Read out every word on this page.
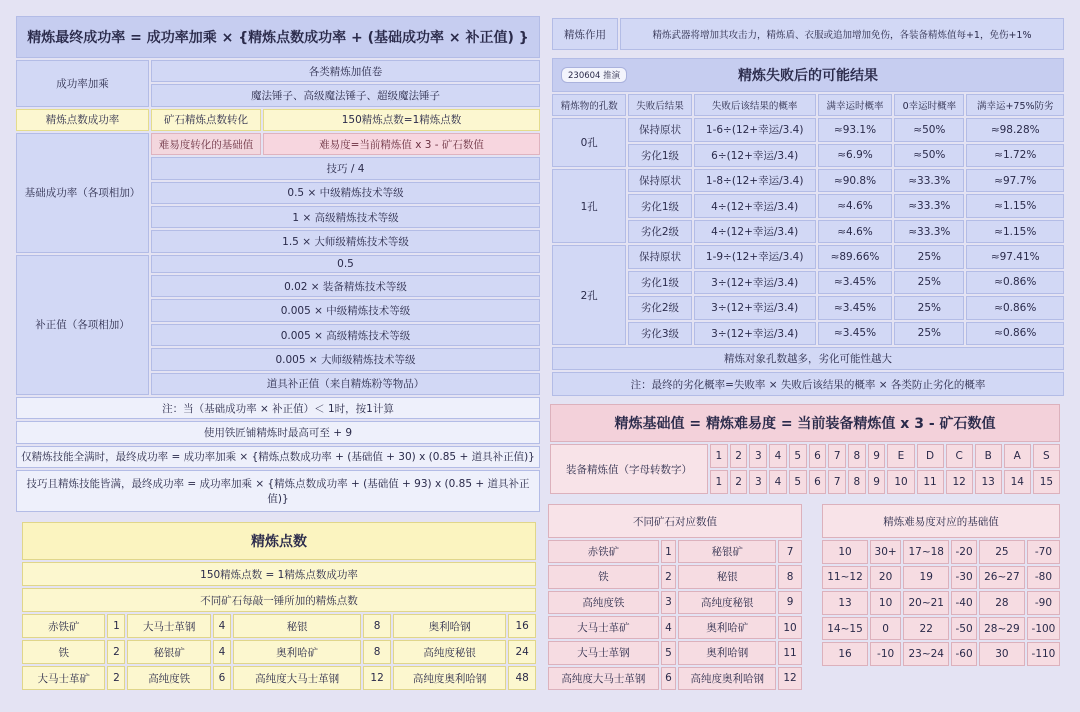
精炼最终成功率 = 成功率加乘 × {精炼点数成功率 + (基础成功率 × 补正值) }		
成功率加乘	各类精炼加值卷	
	魔法锤子、高级魔法锤子、超级魔法锤子	
精炼点数成功率	矿石精炼点数转化	150精炼点数=1精炼点数
基础成功率（各项相加）	难易度转化的基础值	难易度=当前精炼值 x 3 - 矿石数值
	技巧 / 4	
	0.5 × 中级精炼技术等级	
	1 × 高级精炼技术等级	
	1.5 × 大师级精炼技术等级	
补正值（各项相加）	0.5	
	0.02 × 装备精炼技术等级	
	0.005 × 中级精炼技术等级	
	0.005 × 高级精炼技术等级	
	0.005 × 大师级精炼技术等级	
	道具补正值（来自精炼粉等物品）	
注：当（基础成功率 × 补正值）＜ 1时，按1计算		
使用铁匠铺精炼时最高可至 + 9		
仅精炼技能全满时，最终成功率 = 成功率加乘 × {精炼点数成功率 + (基础值 + 30) x (0.85 + 道具补正值)}		
技巧且精炼技能皆满，最终成功率 = 成功率加乘 × {精炼点数成功率 + (基础值 + 93) x (0.85 + 道具补正值)}		
精炼点数							
150精炼点数 = 1精炼点数成功率							
不同矿石每敲一锤所加的精炼点数							
赤铁矿	1	大马士革钢	4	秘银	8	奥利哈钢	16
铁	2	秘银矿	4	奥利哈矿	8	高纯度秘银	24
大马士革矿	2	高纯度铁	6	高纯度大马士革钢	12	高纯度奥利哈钢	48
精炼作用	精炼武器将增加其攻击力，精炼盾、衣服或追加增加免伤，各装备精炼值每+1，免伤+1%
230604 推演 精炼失败后的可能结果					
精炼物的孔数	失败后结果	失败后该结果的概率	满幸运时概率	0幸运时概率	满幸运+75%防劣
0孔	保持原状	1-6÷(12+幸运/3.4)	≈93.1%	≈50%	≈98.28%
	劣化1级	6÷(12+幸运/3.4)	≈6.9%	≈50%	≈1.72%
1孔	保持原状	1-8÷(12+幸运/3.4)	≈90.8%	≈33.3%	≈97.7%
	劣化1级	4÷(12+幸运/3.4)	≈4.6%	≈33.3%	≈1.15%
	劣化2级	4÷(12+幸运/3.4)	≈4.6%	≈33.3%	≈1.15%
2孔	保持原状	1-9÷(12+幸运/3.4)	≈89.66%	25%	≈97.41%
	劣化1级	3÷(12+幸运/3.4)	≈3.45%	25%	≈0.86%
	劣化2级	3÷(12+幸运/3.4)	≈3.45%	25%	≈0.86%
	劣化3级	3÷(12+幸运/3.4)	≈3.45%	25%	≈0.86%
精炼对象孔数越多，劣化可能性越大					
注：最终的劣化概率=失败率 × 失败后该结果的概率 × 各类防止劣化的概率					
精炼基础值 = 精炼难易度 = 当前装备精炼值 x 3 - 矿石数值															
装备精炼值（字母转数字）	1	2	3	4	5	6	7	8	9	E	D	C	B	A	S
	1	2	3	4	5	6	7	8	9	10	11	12	13	14	15
不同矿石对应数值			
赤铁矿	1	秘银矿	7
铁	2	秘银	8
高纯度铁	3	高纯度秘银	9
大马士革矿	4	奥利哈矿	10
大马士革钢	5	奥利哈钢	11
高纯度大马士革钢	6	高纯度奥利哈钢	12
精炼难易度对应的基础值					
10	30+	17~18	-20	25	-70
11~12	20	19	-30	26~27	-80
13	10	20~21	-40	28	-90
14~15	0	22	-50	28~29	-100
16	-10	23~24	-60	30	-110
